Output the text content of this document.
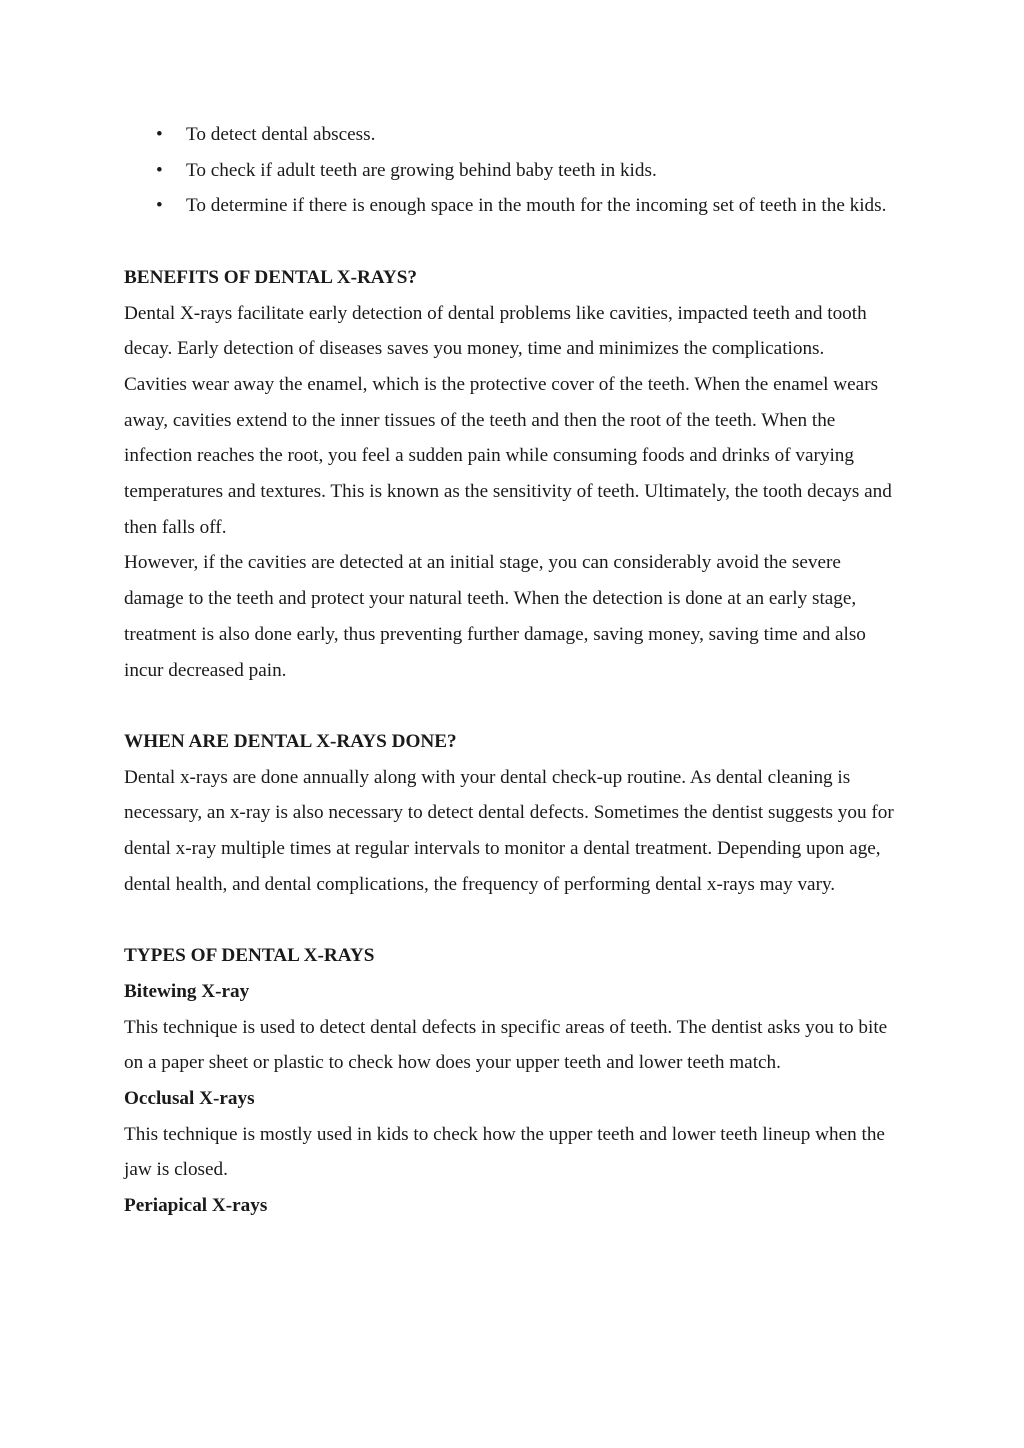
• To detect dental abscess.
• To check if adult teeth are growing behind baby teeth in kids.
• To determine if there is enough space in the mouth for the incoming set of teeth in the kids.
BENEFITS OF DENTAL X-RAYS?

Dental X-rays facilitate early detection of dental problems like cavities, impacted teeth and tooth decay. Early detection of diseases saves you money, time and minimizes the complications.

Cavities wear away the enamel, which is the protective cover of the teeth. When the enamel wears away, cavities extend to the inner tissues of the teeth and then the root of the teeth. When the infection reaches the root, you feel a sudden pain while consuming foods and drinks of varying temperatures and textures. This is known as the sensitivity of teeth. Ultimately, the tooth decays and then falls off.

However, if the cavities are detected at an initial stage, you can considerably avoid the severe damage to the teeth and protect your natural teeth. When the detection is done at an early stage, treatment is also done early, thus preventing further damage, saving money, saving time and also incur decreased pain.

WHEN ARE DENTAL X-RAYS DONE?

Dental x-rays are done annually along with your dental check-up routine. As dental cleaning is necessary, an x-ray is also necessary to detect dental defects. Sometimes the dentist suggests you for dental x-ray multiple times at regular intervals to monitor a dental treatment. Depending upon age, dental health, and dental complications, the frequency of performing dental x-rays may vary.

TYPES OF DENTAL X-RAYS
Bitewing X-ray

This technique is used to detect dental defects in specific areas of teeth. The dentist asks you to bite on a paper sheet or plastic to check how does your upper teeth and lower teeth match.

Occlusal X-rays

This technique is mostly used in kids to check how the upper teeth and lower teeth lineup when the jaw is closed.

Periapical X-rays
